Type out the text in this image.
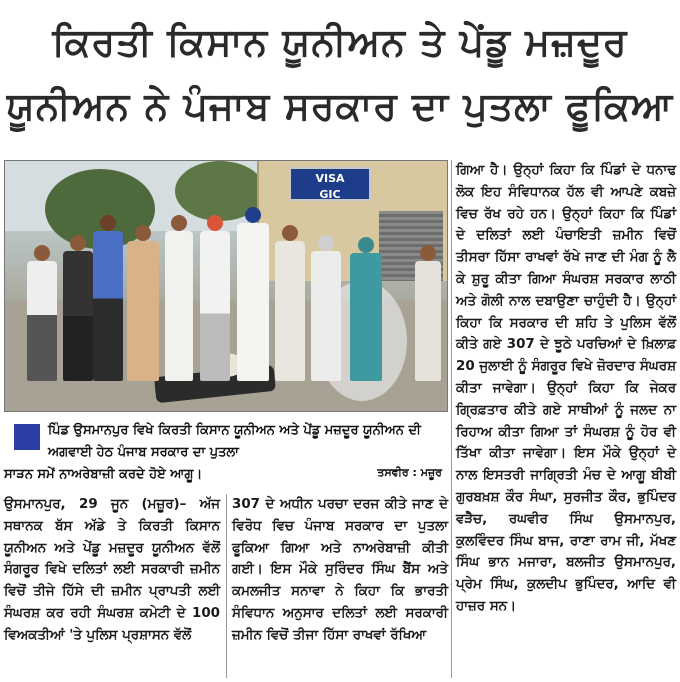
ਕਿਰਤੀ ਕਿਸਾਨ ਯੂਨੀਅਨ ਤੇ ਪੇਂਡੂ ਮਜ਼ਦੂਰ
ਯੂਨੀਅਨ ਨੇ ਪੰਜਾਬ ਸਰਕਾਰ ਦਾ ਪੁਤਲਾ ਫੂਕਿਆ
VISA
GIC
ਪਿੰਡ ਉਸਮਾਨਪੁਰ ਵਿਖੇ ਕਿਰਤੀ ਕਿਸਾਨ ਯੂਨੀਅਨ ਅਤੇ ਪੇਂਡੂ ਮਜ਼ਦੂਰ ਯੂਨੀਅਨ ਦੀ ਅਗਵਾਈ ਹੇਠ ਪੰਜਾਬ ਸਰਕਾਰ ਦਾ ਪੁਤਲਾ
ਸਾੜਨ ਸਮੇਂ ਨਾਅਰੇਬਾਜ਼ੀ ਕਰਦੇ ਹੋਏ ਆਗੂ।	ਤਸਵੀਰ : ਮਜ਼ੂਰ
ਉਸਮਾਨਪੁਰ, 29 ਜੂਨ (ਮਜ਼ੂਰ)– ਅੱਜ ਸਥਾਨਕ ਬੱਸ ਅੱਡੇ ਤੇ ਕਿਰਤੀ ਕਿਸਾਨ ਯੂਨੀਅਨ ਅਤੇ ਪੇਂਡੂ ਮਜ਼ਦੂਰ ਯੂਨੀਅਨ ਵੱਲੋਂ ਸੰਗਰੂਰ ਵਿਖੇ ਦਲਿਤਾਂ ਲਈ ਸਰਕਾਰੀ ਜ਼ਮੀਨ ਵਿਚੋਂ ਤੀਜੇ ਹਿੱਸੇ ਦੀ ਜ਼ਮੀਨ ਪ੍ਰਾਪਤੀ ਲਈ ਸੰਘਰਸ਼ ਕਰ ਰਹੀ ਸੰਘਰਸ਼ ਕਮੇਟੀ ਦੇ 100 ਵਿਅਕਤੀਆਂ 'ਤੇ ਪੁਲਿਸ ਪ੍ਰਸ਼ਾਸਨ ਵੱਲੋਂ
307 ਦੇ ਅਧੀਨ ਪਰਚਾ ਦਰਜ ਕੀਤੇ ਜਾਣ ਦੇ ਵਿਰੋਧ ਵਿਚ ਪੰਜਾਬ ਸਰਕਾਰ ਦਾ ਪੁਤਲਾ ਫੂਕਿਆ ਗਿਆ ਅਤੇ ਨਾਅਰੇਬਾਜ਼ੀ ਕੀਤੀ ਗਈ। ਇਸ ਮੌਕੇ ਸੁਰਿੰਦਰ ਸਿੰਘ ਬੈਂਸ ਅਤੇ ਕਮਲਜੀਤ ਸਨਾਵਾ ਨੇ ਕਿਹਾ ਕਿ ਭਾਰਤੀ ਸੰਵਿਧਾਨ ਅਨੁਸਾਰ ਦਲਿਤਾਂ ਲਈ ਸਰਕਾਰੀ ਜ਼ਮੀਨ ਵਿਚੋਂ ਤੀਜਾ ਹਿੱਸਾ ਰਾਖਵਾਂ ਰੱਖਿਆ
ਗਿਆ ਹੈ। ਉਨ੍ਹਾਂ ਕਿਹਾ ਕਿ ਪਿੰਡਾਂ ਦੇ ਧਨਾਢ ਲੋਕ ਇਹ ਸੰਵਿਧਾਨਕ ਹੱਲ ਵੀ ਆਪਣੇ ਕਬਜ਼ੇ ਵਿਚ ਰੱਖ ਰਹੇ ਹਨ। ਉਨ੍ਹਾਂ ਕਿਹਾ ਕਿ ਪਿੰਡਾਂ ਦੇ ਦਲਿਤਾਂ ਲਈ ਪੰਚਾਇਤੀ ਜ਼ਮੀਨ ਵਿਚੋਂ ਤੀਸਰਾ ਹਿੱਸਾ ਰਾਖਵਾਂ ਰੱਖੇ ਜਾਣ ਦੀ ਮੰਗ ਨੂੰ ਲੈ ਕੇ ਸ਼ੁਰੂ ਕੀਤਾ ਗਿਆ ਸੰਘਰਸ਼ ਸਰਕਾਰ ਲਾਠੀ ਅਤੇ ਗੋਲੀ ਨਾਲ ਦਬਾਉਣਾ ਚਾਹੁੰਦੀ ਹੈ। ਉਨ੍ਹਾਂ ਕਿਹਾ ਕਿ ਸਰਕਾਰ ਦੀ ਸ਼ਹਿ ਤੇ ਪੁਲਿਸ ਵੱਲੋਂ ਕੀਤੇ ਗਏ 307 ਦੇ ਝੂਠੇ ਪਰਚਿਆਂ ਦੇ ਖ਼ਿਲਾਫ਼ 20 ਜੁਲਾਈ ਨੂੰ ਸੰਗਰੂਰ ਵਿਖੇ ਜ਼ੋਰਦਾਰ ਸੰਘਰਸ਼ ਕੀਤਾ ਜਾਵੇਗਾ। ਉਨ੍ਹਾਂ ਕਿਹਾ ਕਿ ਜੇਕਰ ਗ੍ਰਿਫ਼ਤਾਰ ਕੀਤੇ ਗਏ ਸਾਥੀਆਂ ਨੂੰ ਜਲਦ ਨਾ ਰਿਹਾਅ ਕੀਤਾ ਗਿਆ ਤਾਂ ਸੰਘਰਸ਼ ਨੂੰ ਹੋਰ ਵੀ ਤਿੱਖਾ ਕੀਤਾ ਜਾਵੇਗਾ। ਇਸ ਮੌਕੇ ਉਨ੍ਹਾਂ ਦੇ ਨਾਲ ਇਸਤਰੀ ਜਾਗ੍ਰਿਤੀ ਮੰਚ ਦੇ ਆਗੂ ਬੀਬੀ ਗੁਰਬਖ਼ਸ਼ ਕੌਰ ਸੰਘਾ, ਸੁਰਜੀਤ ਕੌਰ, ਭੁਪਿੰਦਰ ਵੜੈਚ, ਰਘਵੀਰ ਸਿੰਘ ਉਸਮਾਨਪੁਰ, ਕੁਲਵਿੰਦਰ ਸਿੰਘ ਬਾਜ, ਰਾਣਾ ਰਾਮ ਜੀ, ਮੱਖਣ ਸਿੰਘ ਭਾਨ ਮਜਾਰਾ, ਬਲਜੀਤ ਉਸਮਾਨਪੁਰ, ਪ੍ਰੇਮ ਸਿੰਘ, ਕੁਲਦੀਪ ਭੁਪਿੰਦਰ, ਆਦਿ ਵੀ ਹਾਜ਼ਰ ਸਨ।
